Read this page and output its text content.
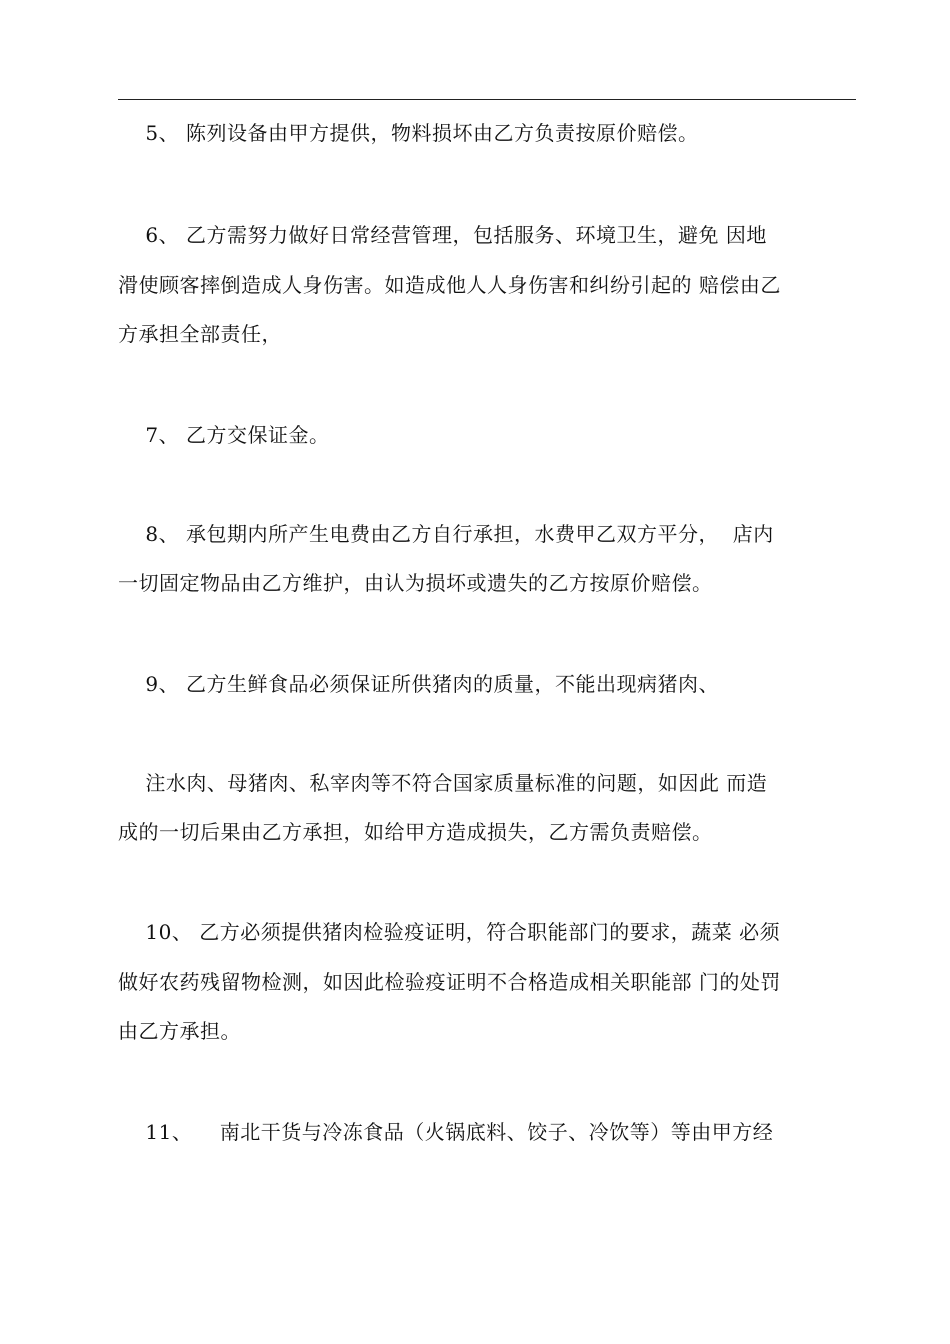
5、 陈列设备由甲方提供，物料损坏由乙方负责按原价赔偿。
6、 乙方需努力做好日常经营管理，包括服务、环境卫生，避免 因地
滑使顾客摔倒造成人身伤害。如造成他人人身伤害和纠纷引起的 赔偿由乙
方承担全部责任，
7、 乙方交保证金。
8、 承包期内所产生电费由乙方自行承担，水费甲乙双方平分，  店内
一切固定物品由乙方维护，由认为损坏或遗失的乙方按原价赔偿。
9、 乙方生鲜食品必须保证所供猪肉的质量，不能出现病猪肉、
注水肉、母猪肉、私宰肉等不符合国家质量标准的问题，如因此 而造
成的一切后果由乙方承担，如给甲方造成损失，乙方需负责赔偿。
10、 乙方必须提供猪肉检验疫证明，符合职能部门的要求，蔬菜 必须
做好农药残留物检测，如因此检验疫证明不合格造成相关职能部 门的处罚
由乙方承担。
11、    南北干货与冷冻食品（火锅底料、饺子、冷饮等）等由甲方经
